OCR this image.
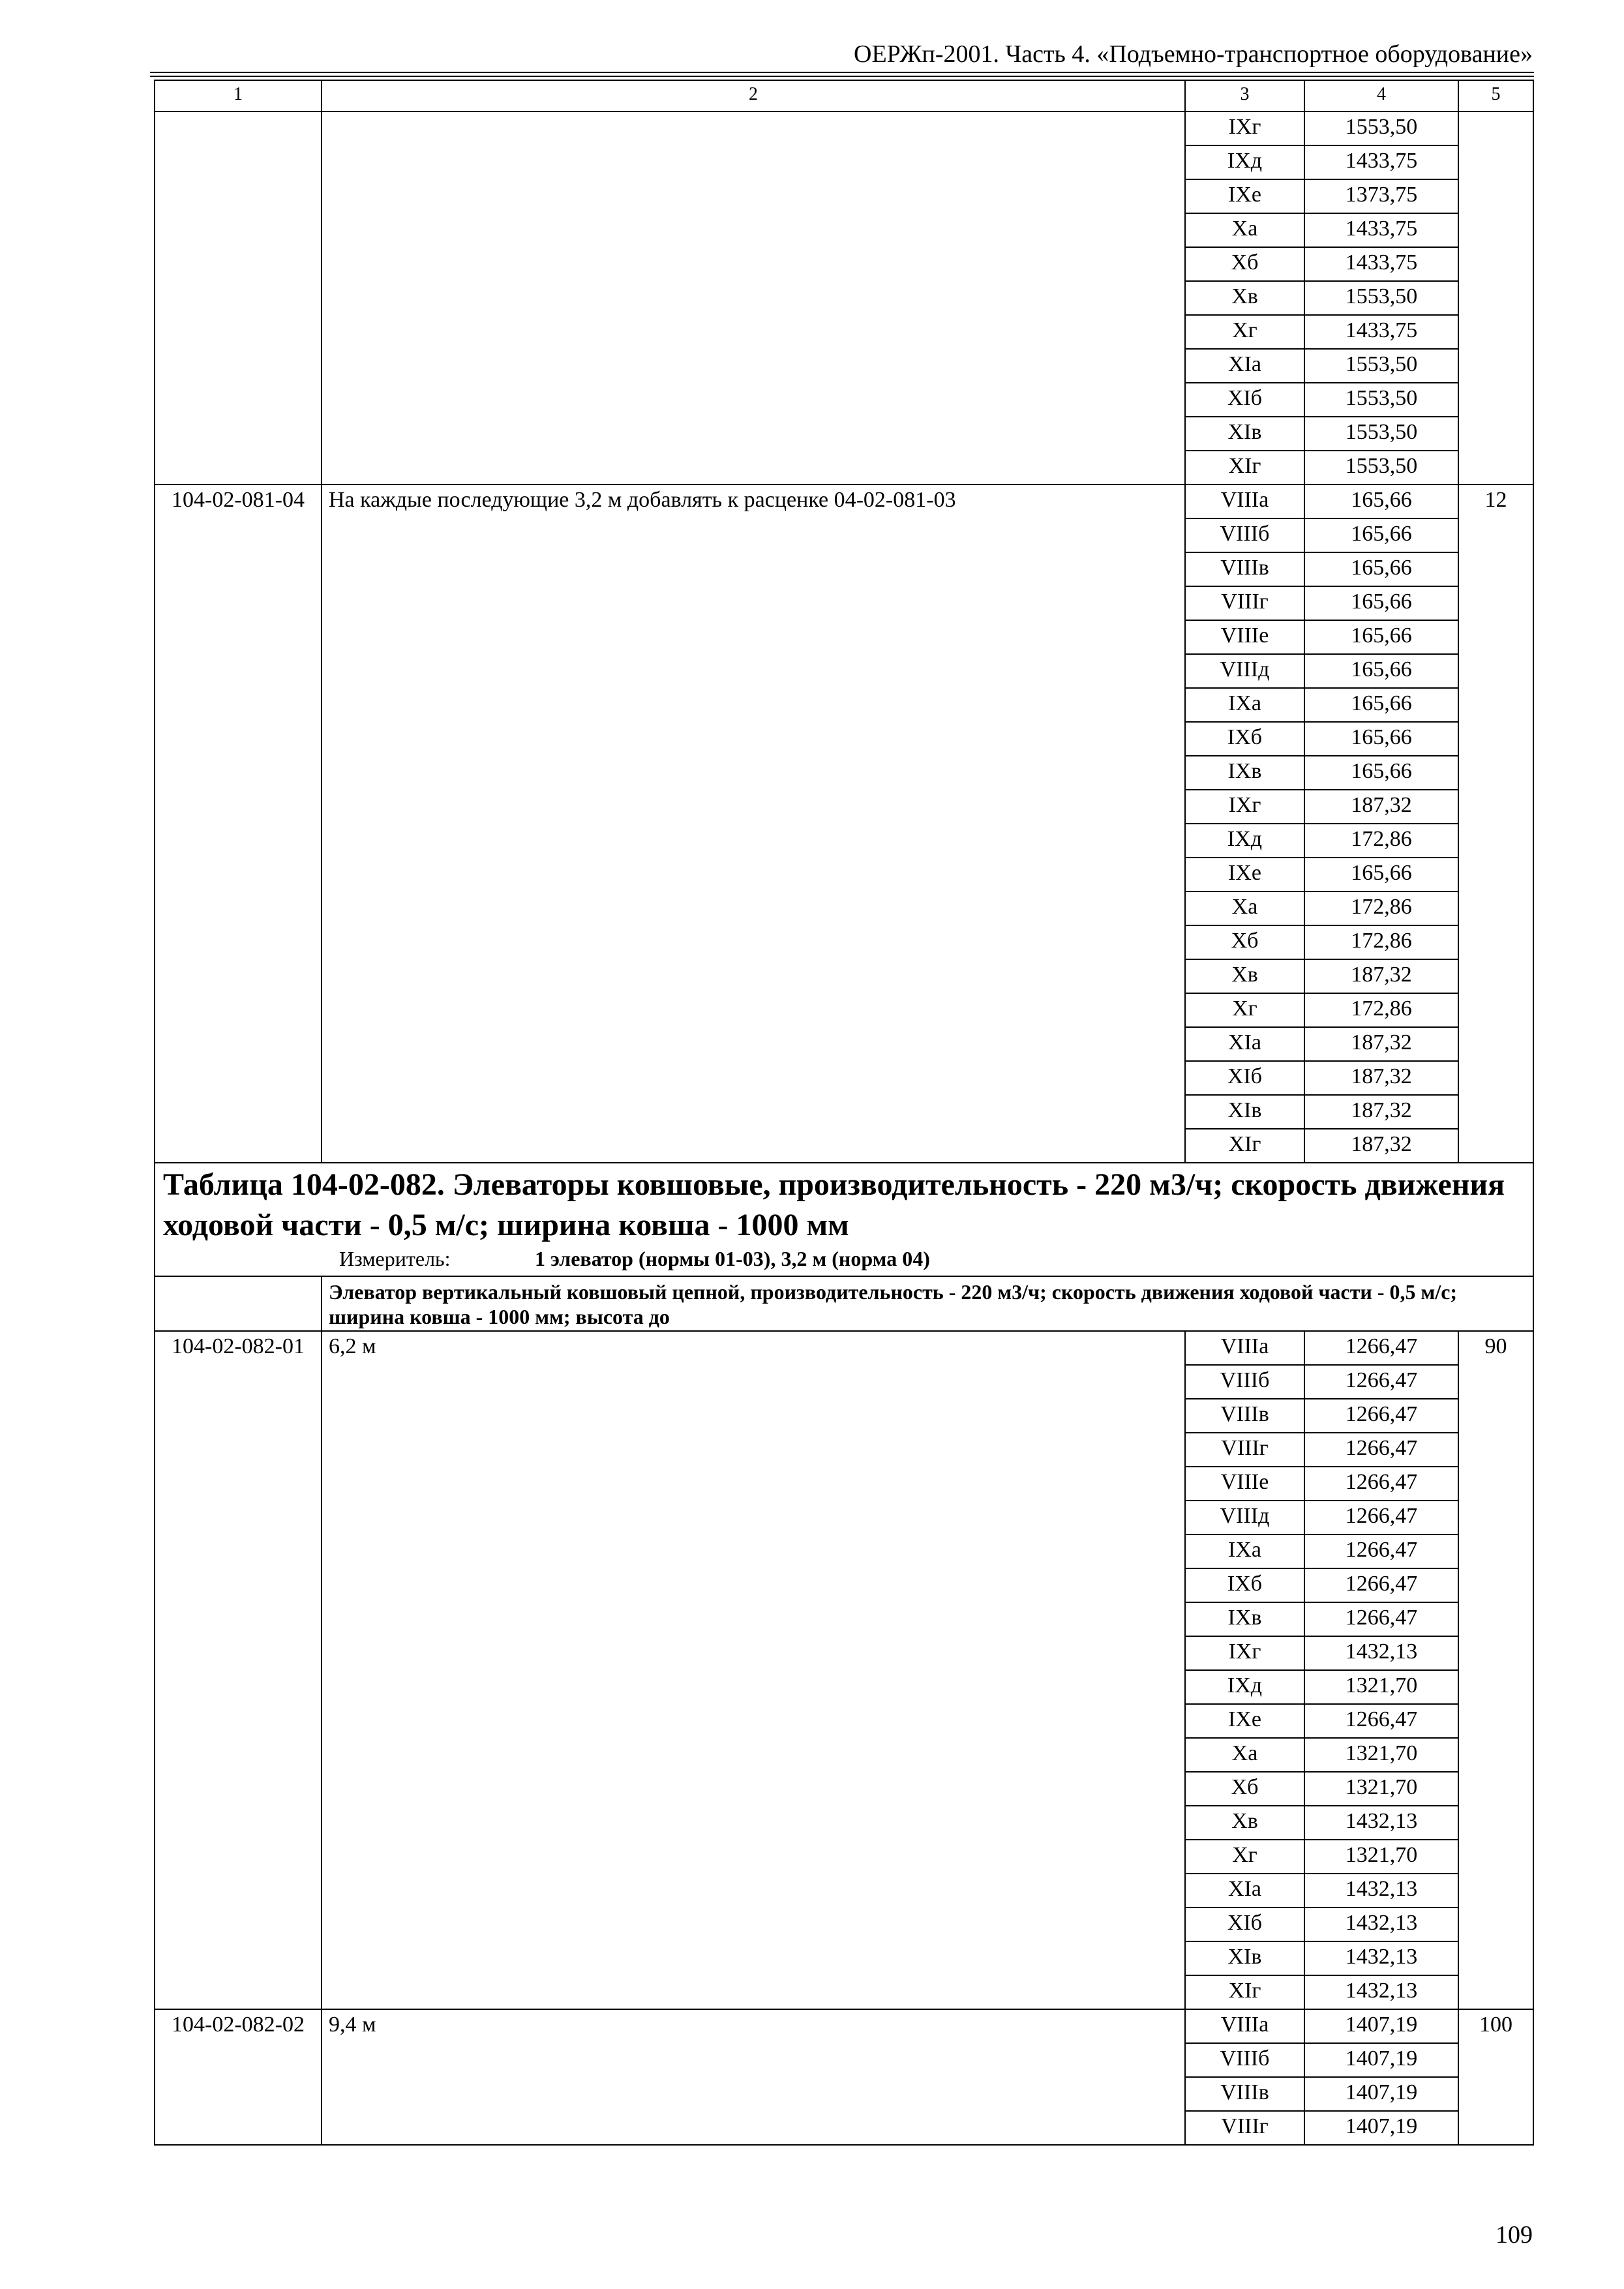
ОЕРЖп-2001. Часть 4. «Подъемно-транспортное оборудование»
1	2	3	4	5
		IXг	1553,50	
		IXд	1433,75	
		IXе	1373,75	
		Xа	1433,75	
		Xб	1433,75	
		Xв	1553,50	
		Xг	1433,75	
		XIа	1553,50	
		XIб	1553,50	
		XIв	1553,50	
		XIг	1553,50	
104-02-081-04	На каждые последующие 3,2 м добавлять к расценке 04-02-081-03	VIIIа	165,66	12
		VIIIб	165,66	
		VIIIв	165,66	
		VIIIг	165,66	
		VIIIе	165,66	
		VIIIд	165,66	
		IXа	165,66	
		IXб	165,66	
		IXв	165,66	
		IXг	187,32	
		IXд	172,86	
		IXе	165,66	
		Xа	172,86	
		Xб	172,86	
		Xв	187,32	
		Xг	172,86	
		XIа	187,32	
		XIб	187,32	
		XIв	187,32	
		XIг	187,32	
Таблица 104-02-082. Элеваторы ковшовые, производительность - 220 м3/ч; скорость движения ходовой части - 0,5 м/с; ширина ковша - 1000 мм				
Измеритель: 1 элеватор (нормы 01-03), 3,2 м (норма 04)				
	Элеватор вертикальный ковшовый цепной, производительность - 220 м3/ч; скорость движения ходовой части - 0,5 м/с; ширина ковша - 1000 мм; высота до			
104-02-082-01	6,2 м	VIIIа	1266,47	90
		VIIIб	1266,47	
		VIIIв	1266,47	
		VIIIг	1266,47	
		VIIIе	1266,47	
		VIIIд	1266,47	
		IXа	1266,47	
		IXб	1266,47	
		IXв	1266,47	
		IXг	1432,13	
		IXд	1321,70	
		IXе	1266,47	
		Xа	1321,70	
		Xб	1321,70	
		Xв	1432,13	
		Xг	1321,70	
		XIа	1432,13	
		XIб	1432,13	
		XIв	1432,13	
		XIг	1432,13	
104-02-082-02	9,4 м	VIIIа	1407,19	100
		VIIIб	1407,19	
		VIIIв	1407,19	
		VIIIг	1407,19	
109
